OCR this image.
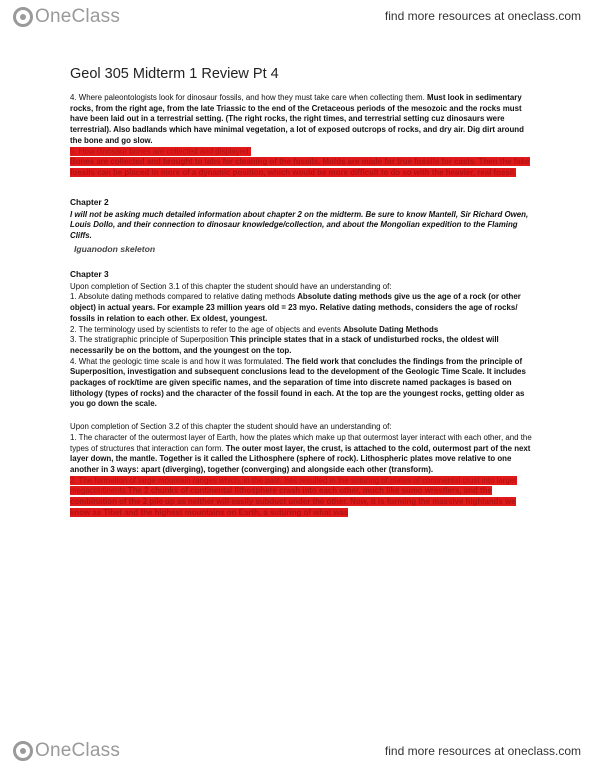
OneClass	find more resources at oneclass.com
Geol 305 Midterm 1 Review Pt 4

4. Where paleontologists look for dinosaur fossils, and how they must take care when collecting them. Must look in sedimentary rocks, from the right age, from the late Triassic to the end of the Cretaceous periods of the mesozoic and the rocks must have been laid out in a terrestrial setting. (The right rocks, the right times, and terrestrial setting cuz dinosaurs were terrestrial). Also badlands which have minimal vegetation, a lot of exposed outcrops of rocks, and dry air. Dig dirt around the bone and go slow.

5. How dinosaur bones are collected and displayed.
Bones are collected and brought to labs for cleaning of the fossils. Molds are made for true fossils for casts. Then the fake fossils can be placed in more of a dynamic position, which would be more difficult to do so with the heavier, real fossil.

Chapter 2

I will not be asking much detailed information about chapter 2 on the midterm. Be sure to know Mantell, Sir Richard Owen, Louis Dollo, and their connection to dinosaur knowledge/collection, and about the Mongolian expedition to the Flaming Cliffs.

Iguanodon skeleton
Chapter 3

Upon completion of Section 3.1 of this chapter the student should have an understanding of:

1. Absolute dating methods compared to relative dating methods Absolute dating methods give us the age of a rock (or other object) in actual years. For example 23 million years old = 23 myo. Relative dating methods, considers the age of rocks/ fossils in relation to each other. Ex oldest, youngest.

2. The terminology used by scientists to refer to the age of objects and events Absolute Dating Methods

3. The stratigraphic principle of Superposition This principle states that in a stack of undisturbed rocks, the oldest will necessarily be on the bottom, and the youngest on the top.

4. What the geologic time scale is and how it was formulated. The field work that concludes the findings from the principle of Superposition, investigation and subsequent conclusions lead to the development of the Geologic Time Scale. It includes packages of rock/time are given specific names, and the separation of time into discrete named packages is based on lithology (types of rocks) and the character of the fossil found in each. At the top are the youngest rocks, getting older as you go down the scale.

Upon completion of Section 3.2 of this chapter the student should have an understanding of:

1. The character of the outermost layer of Earth, how the plates which make up that outermost layer interact with each other, and the types of structures that interaction can form. The outer most layer, the crust, is attached to the cold, outermost part of the next layer down, the mantle. Together is it called the Lithosphere (sphere of rock). Lithospheric plates move relative to one another in 3 ways: apart (diverging), together (converging) and alongside each other (transform).

2. The formation of large mountain ranges which, in the past, has resulted in the suturing of plates of continental crust into larger megacontinents.The 2 chunks of continental lithosphere crash into each other, much like sumo wrestlers, and the combination of the 2 pile up as neither will easily subduct under the other. Now, it is forming the massive highlands we know as Tibet and the highest mountains on Earth, a suturing of what was

OneClass	find more resources at oneclass.com
